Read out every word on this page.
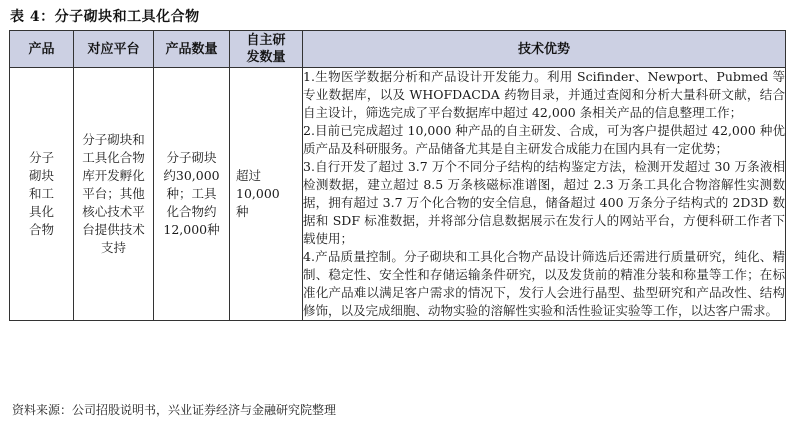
表 4：分子砌块和工具化合物
产品	对应平台	产品数量	自主研发数量	技术优势
分子砌块和工具化合物	分子砌块和工具化合物库开发孵化平台；其他核心技术平台提供技术支持	分子砌块约30,000种；工具化合物约12,000种	超过10,000种	1.生物医学数据分析和产品设计开发能力。利用 Scifinder、Newport、Pubmed 等专业数据库，以及 WHOFDACDA 药物目录，并通过查阅和分析大量科研文献，结合自主设计，筛选完成了平台数据库中超过 42,000 条相关产品的信息整理工作；
2.目前已完成超过 10,000 种产品的自主研发、合成，可为客户提供超过 42,000 种优质产品及科研服务。产品储备尤其是自主研发合成能力在国内具有一定优势；
3.自行开发了超过 3.7 万个不同分子结构的结构鉴定方法，检测开发超过 30 万条液相检测数据，建立超过 8.5 万条核磁标准谱图，超过 2.3 万条工具化合物溶解性实测数据，拥有超过 3.7 万个化合物的安全信息，储备超过 400 万条分子结构式的 2D3D 数据和 SDF 标准数据，并将部分信息数据展示在发行人的网站平台，方便科研工作者下载使用；
4.产品质量控制。分子砌块和工具化合物产品设计筛选后还需进行质量研究，纯化、精制、稳定性、安全性和存储运输条件研究，以及发货前的精准分装和称量等工作；在标准化产品难以满足客户需求的情况下，发行人会进行晶型、盐型研究和产品改性、结构修饰，以及完成细胞、动物实验的溶解性实验和活性验证实验等工作，以达客户需求。
资料来源：公司招股说明书，兴业证券经济与金融研究院整理
